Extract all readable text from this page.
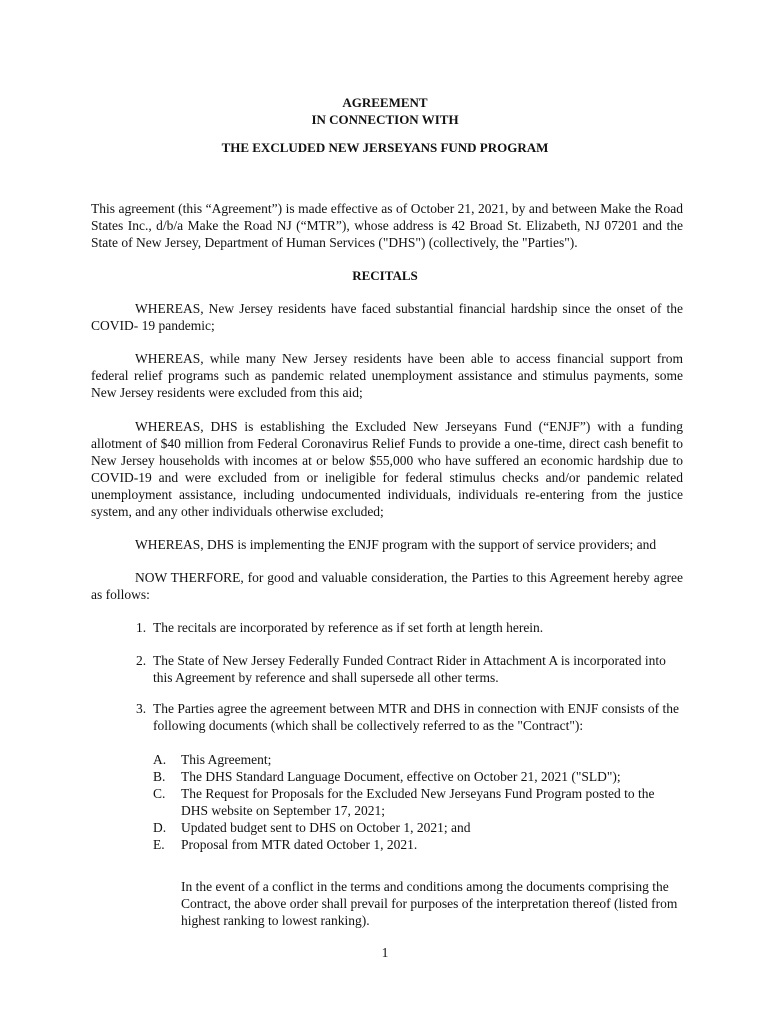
AGREEMENT
IN CONNECTION WITH
THE EXCLUDED NEW JERSEYANS FUND PROGRAM
This agreement (this “Agreement”) is made effective as of October 21, 2021, by and between Make the Road States Inc., d/b/a Make the Road NJ (“MTR”), whose address is 42 Broad St. Elizabeth, NJ 07201 and the State of New Jersey, Department of Human Services ("DHS") (collectively, the "Parties").
RECITALS
WHEREAS, New Jersey residents have faced substantial financial hardship since the onset of the COVID- 19 pandemic;
WHEREAS, while many New Jersey residents have been able to access financial support from federal relief programs such as pandemic related unemployment assistance and stimulus payments, some New Jersey residents were excluded from this aid;
WHEREAS, DHS is establishing the Excluded New Jerseyans Fund (“ENJF”) with a funding allotment of $40 million from Federal Coronavirus Relief Funds to provide a one-time, direct cash benefit to New Jersey households with incomes at or below $55,000 who have suffered an economic hardship due to COVID-19 and were excluded from or ineligible for federal stimulus checks and/or pandemic related unemployment assistance, including undocumented individuals, individuals re-entering from the justice system, and any other individuals otherwise excluded;
WHEREAS, DHS is implementing the ENJF program with the support of service providers; and
NOW THERFORE, for good and valuable consideration, the Parties to this Agreement hereby agree as follows:
1. The recitals are incorporated by reference as if set forth at length herein.
2. The State of New Jersey Federally Funded Contract Rider in Attachment A is incorporated into this Agreement by reference and shall supersede all other terms.
3. The Parties agree the agreement between MTR and DHS in connection with ENJF consists of the following documents (which shall be collectively referred to as the "Contract"):
A. This Agreement;
B. The DHS Standard Language Document, effective on October 21, 2021 ("SLD");
C. The Request for Proposals for the Excluded New Jerseyans Fund Program posted to the DHS website on September 17, 2021;
D. Updated budget sent to DHS on October 1, 2021; and
E. Proposal from MTR dated October 1, 2021.
In the event of a conflict in the terms and conditions among the documents comprising the Contract, the above order shall prevail for purposes of the interpretation thereof (listed from highest ranking to lowest ranking).
1
